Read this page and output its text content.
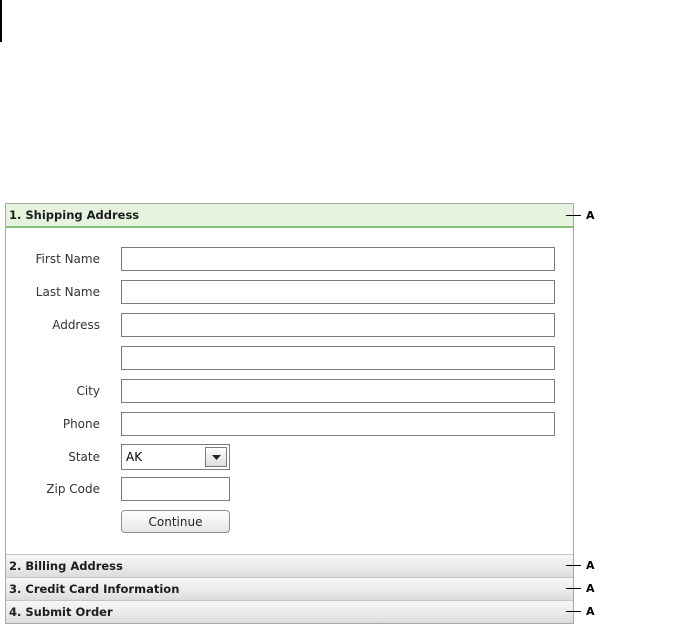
1. Shipping Address
First Name
Last Name
Address
City
Phone
State	AK
Zip Code
Continue
2. Billing Address
3. Credit Card Information
4. Submit Order
A
A
A
A
